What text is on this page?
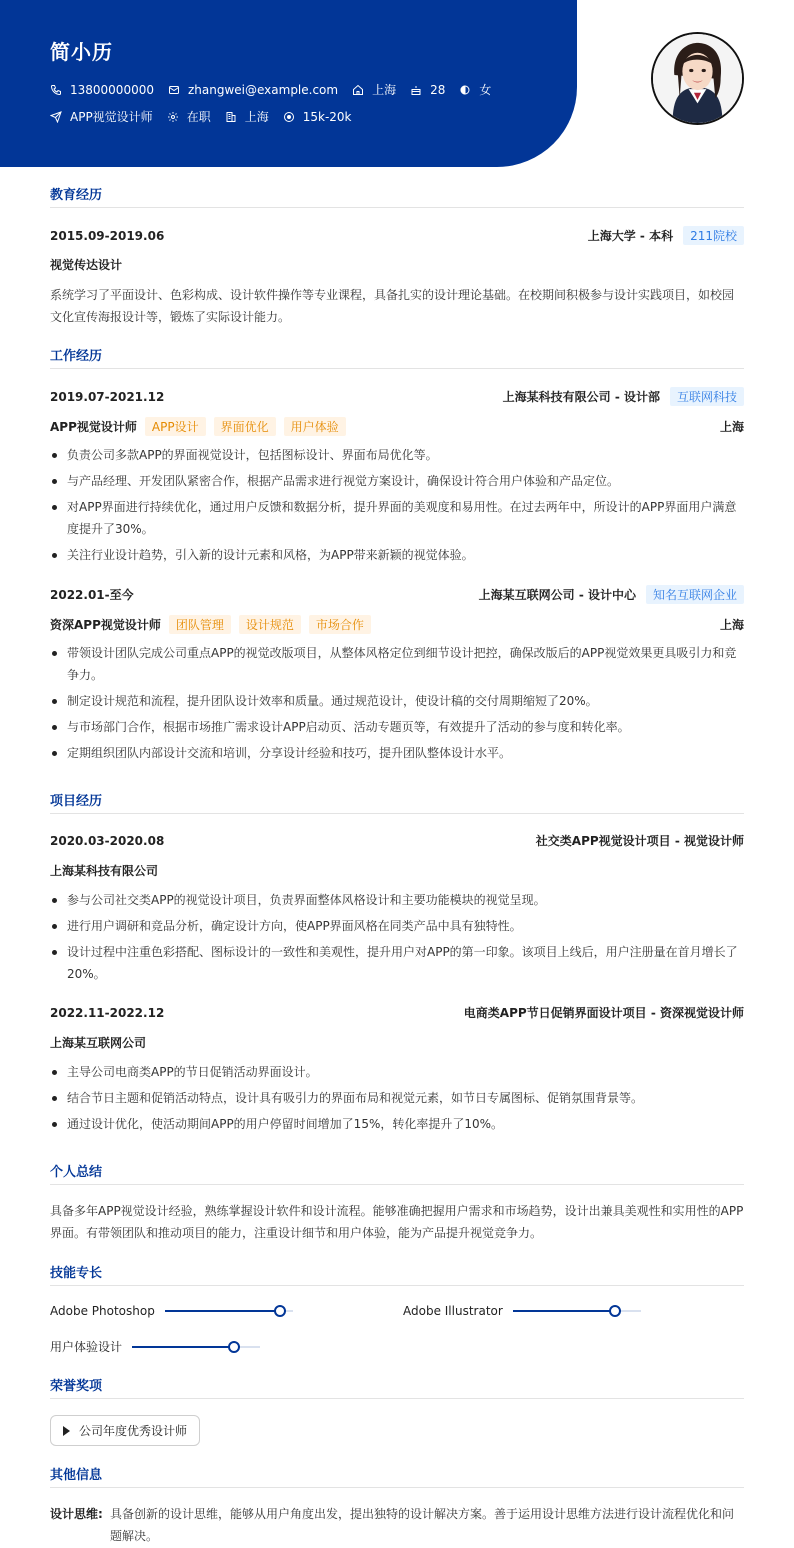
简小历
13800000000	zhangwei@example.com	上海	28	女
APP视觉设计师	在职	上海	15k-20k
教育经历
2015.09-2019.06	上海大学 - 本科	211院校
视觉传达设计
系统学习了平面设计、色彩构成、设计软件操作等专业课程，具备扎实的设计理论基础。在校期间积极参与设计实践项目，如校园文化宣传海报设计等，锻炼了实际设计能力。
工作经历
2019.07-2021.12	上海某科技有限公司 - 设计部	互联网科技
APP视觉设计师	APP设计	界面优化	用户体验	上海
负责公司多款APP的界面视觉设计，包括图标设计、界面布局优化等。
与产品经理、开发团队紧密合作，根据产品需求进行视觉方案设计，确保设计符合用户体验和产品定位。
对APP界面进行持续优化，通过用户反馈和数据分析，提升界面的美观度和易用性。在过去两年中，所设计的APP界面用户满意度提升了30%。
关注行业设计趋势，引入新的设计元素和风格，为APP带来新颖的视觉体验。
2022.01-至今	上海某互联网公司 - 设计中心	知名互联网企业
资深APP视觉设计师	团队管理	设计规范	市场合作	上海
带领设计团队完成公司重点APP的视觉改版项目，从整体风格定位到细节设计把控，确保改版后的APP视觉效果更具吸引力和竞争力。
制定设计规范和流程，提升团队设计效率和质量。通过规范设计，使设计稿的交付周期缩短了20%。
与市场部门合作，根据市场推广需求设计APP启动页、活动专题页等，有效提升了活动的参与度和转化率。
定期组织团队内部设计交流和培训，分享设计经验和技巧，提升团队整体设计水平。
项目经历
2020.03-2020.08	社交类APP视觉设计项目 - 视觉设计师
上海某科技有限公司
参与公司社交类APP的视觉设计项目，负责界面整体风格设计和主要功能模块的视觉呈现。
进行用户调研和竞品分析，确定设计方向，使APP界面风格在同类产品中具有独特性。
设计过程中注重色彩搭配、图标设计的一致性和美观性，提升用户对APP的第一印象。该项目上线后，用户注册量在首月增长了20%。
2022.11-2022.12	电商类APP节日促销界面设计项目 - 资深视觉设计师
上海某互联网公司
主导公司电商类APP的节日促销活动界面设计。
结合节日主题和促销活动特点，设计具有吸引力的界面布局和视觉元素，如节日专属图标、促销氛围背景等。
通过设计优化，使活动期间APP的用户停留时间增加了15%，转化率提升了10%。
个人总结
具备多年APP视觉设计经验，熟练掌握设计软件和设计流程。能够准确把握用户需求和市场趋势，设计出兼具美观性和实用性的APP界面。有带领团队和推动项目的能力，注重设计细节和用户体验，能为产品提升视觉竞争力。
技能专长
Adobe Photoshop	Adobe Illustrator
用户体验设计
荣誉奖项
公司年度优秀设计师
其他信息
设计思维: 具备创新的设计思维，能够从用户角度出发，提出独特的设计解决方案。善于运用设计思维方法进行设计流程优化和问题解决。
